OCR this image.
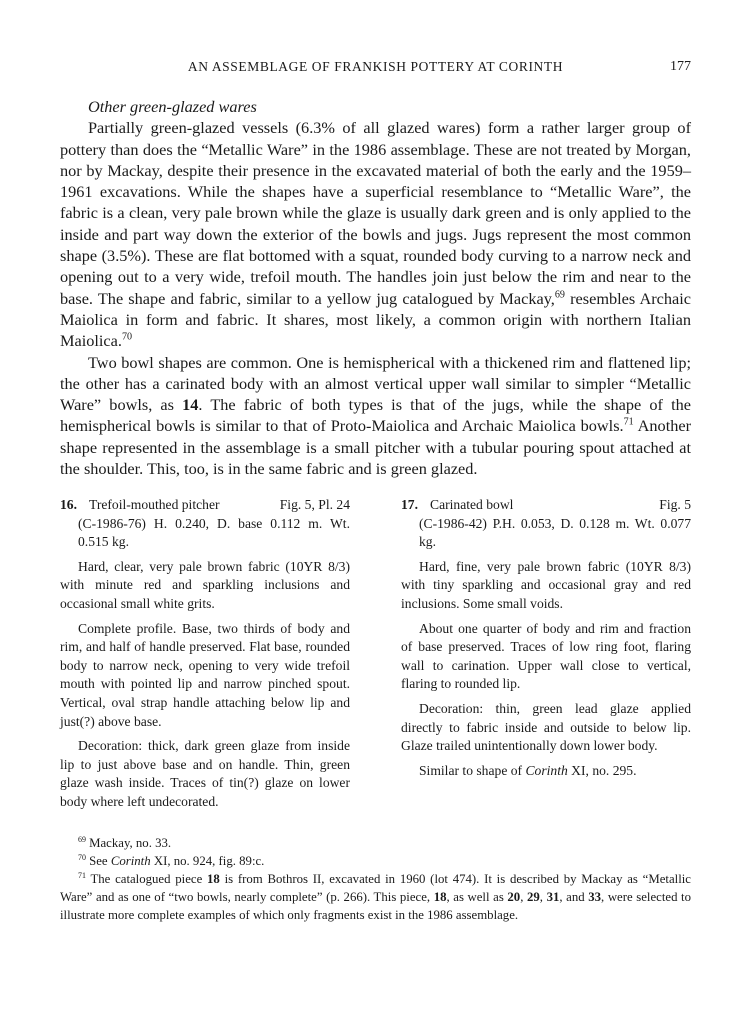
AN ASSEMBLAGE OF FRANKISH POTTERY AT CORINTH	177

Other green-glazed wares

Partially green-glazed vessels (6.3% of all glazed wares) form a rather larger group of pottery than does the “Metallic Ware” in the 1986 assemblage. These are not treated by Morgan, nor by Mackay, despite their presence in the excavated material of both the early and the 1959–1961 excavations. While the shapes have a superficial resemblance to “Metallic Ware”, the fabric is a clean, very pale brown while the glaze is usually dark green and is only applied to the inside and part way down the exterior of the bowls and jugs. Jugs represent the most common shape (3.5%). These are flat bottomed with a squat, rounded body curving to a narrow neck and opening out to a very wide, trefoil mouth. The handles join just below the rim and near to the base. The shape and fabric, similar to a yellow jug catalogued by Mackay,$^{69}$ resembles Archaic Maiolica in form and fabric. It shares, most likely, a common origin with northern Italian Maiolica.$^{70}$

Two bowl shapes are common. One is hemispherical with a thickened rim and flattened lip; the other has a carinated body with an almost vertical upper wall similar to simpler “Metallic Ware” bowls, as 14. The fabric of both types is that of the jugs, while the shape of the hemispherical bowls is similar to that of Proto-Maiolica and Archaic Maiolica bowls.$^{71}$ Another shape represented in the assemblage is a small pitcher with a tubular pouring spout attached at the shoulder. This, too, is in the same fabric and is green glazed.

16. Trefoil-mouthed pitcher	Fig. 5, Pl. 24

(C-1986-76) H. 0.240, D. base 0.112 m. Wt. 0.515 kg.

Hard, clear, very pale brown fabric (10YR 8/3) with minute red and sparkling inclusions and occasional small white grits.

Complete profile. Base, two thirds of body and rim, and half of handle preserved. Flat base, rounded body to narrow neck, opening to very wide trefoil mouth with pointed lip and narrow pinched spout. Vertical, oval strap handle attaching below lip and just(?) above base.

Decoration: thick, dark green glaze from inside lip to just above base and on handle. Thin, green glaze wash inside. Traces of tin(?) glaze on lower body where left undecorated.

17. Carinated bowl	Fig. 5

(C-1986-42) P.H. 0.053, D. 0.128 m. Wt. 0.077 kg.

Hard, fine, very pale brown fabric (10YR 8/3) with tiny sparkling and occasional gray and red inclusions. Some small voids.

About one quarter of body and rim and fraction of base preserved. Traces of low ring foot, flaring wall to carination. Upper wall close to vertical, flaring to rounded lip.

Decoration: thin, green lead glaze applied directly to fabric inside and outside to below lip. Glaze trailed unintentionally down lower body.

Similar to shape of Corinth XI, no. 295.

$^{69}$ Mackay, no. 33.

$^{70}$ See Corinth XI, no. 924, fig. 89:c.

$^{71}$ The catalogued piece 18 is from Bothros II, excavated in 1960 (lot 474). It is described by Mackay as “Metallic Ware” and as one of “two bowls, nearly complete” (p. 266). This piece, 18, as well as 20, 29, 31, and 33, were selected to illustrate more complete examples of which only fragments exist in the 1986 assemblage.
